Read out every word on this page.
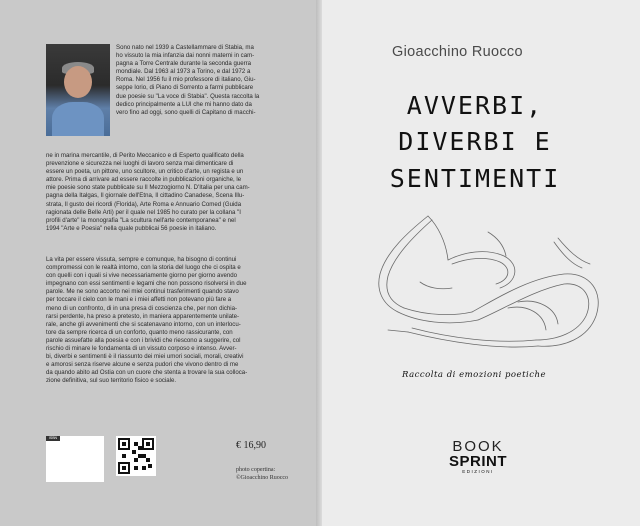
Sono nato nel 1939 a Castellammare di Stabia, ma
ho vissuto la mia infanzia dai nonni materni in cam-
pagna a Torre Centrale durante la seconda guerra
mondiale. Dal 1963 al 1973 a Torino, e dal 1972 a
Roma. Nel 1956 fu il mio professore di italiano, Giu-
seppe Iorio, di Piano di Sorrento a farmi pubblicare
due poesie su "La voce di Stabia". Questa raccolta la
dedico principalmente a LUI che mi hanno dato da
vero fino ad oggi, sono quelli di Capitano di macchi-
ne in marina mercantile, di Perito Meccanico e di Esperto qualificato della
prevenzione e sicurezza nei luoghi di lavoro senza mai dimenticare di
essere un poeta, un pittore, uno scultore, un critico d'arte, un regista e un
attore. Prima di arrivare ad essere raccolte in pubblicazioni organiche, le
mie poesie sono state pubblicate su Il Mezzogiorno N. D'Italia per una cam-
pagna della Italgas, Il giornale dell'Etna, Il cittadino Canadese, Scena Illu-
strata, Il gusto dei ricordi (Florida), Arte Roma e Annuario Comed (Guida
ragionata delle Belle Arti) per il quale nel 1985 ho curato per la collana "I
profili d'arte" la monografia "La scultura nell'arte contemporanea" e nel
1994 "Arte e Poesia" nella quale pubblicai 56 poesie in italiano.
La vita per essere vissuta, sempre e comunque, ha bisogno di continui
compromessi con le realtà intorno, con la storia del luogo che ci ospita e
con quelli con i quali si vive necessariamente giorno per giorno avendo
impegnano con essi sentimenti e legami che non possono risolversi in due
parole. Me ne sono accorto nei miei continui trasferimenti quando stavo
per toccare il cielo con le mani e i miei affetti non potevano più fare a
meno di un confronto, di in una presa di coscienza che, per non dichia-
rarsi perdente, ha preso a pretesto, in maniera apparentemente unilate-
rale, anche gli avvenimenti che si scatenavano intorno, con un interlocu-
tore da sempre ricerca di un conforto, quanto meno rassicurante, con
parole assuefatte alla poesia e con i brividi che riescono a suggerire, col
rischio di minare le fondamenta di un vissuto corposo e intenso. Avver-
bi, diverbi e sentimenti è il riassunto dei miei umori sociali, morali, creativi
e amorosi senza riserve alcune e senza pudori che vivono dentro di me
da quando abito ad Ostia con un cuore che stenta a trovare la sua colloca-
zione definitiva, sul suo territorio fisico e sociale.
ISBN
€ 16,90
photo copertina:
©Gioacchino Ruocco
Gioacchino Ruocco
AVVERBI,
DIVERBI E
SENTIMENTI
Raccolta di emozioni poetiche
BOOK
SPRINT
EDIZIONI
